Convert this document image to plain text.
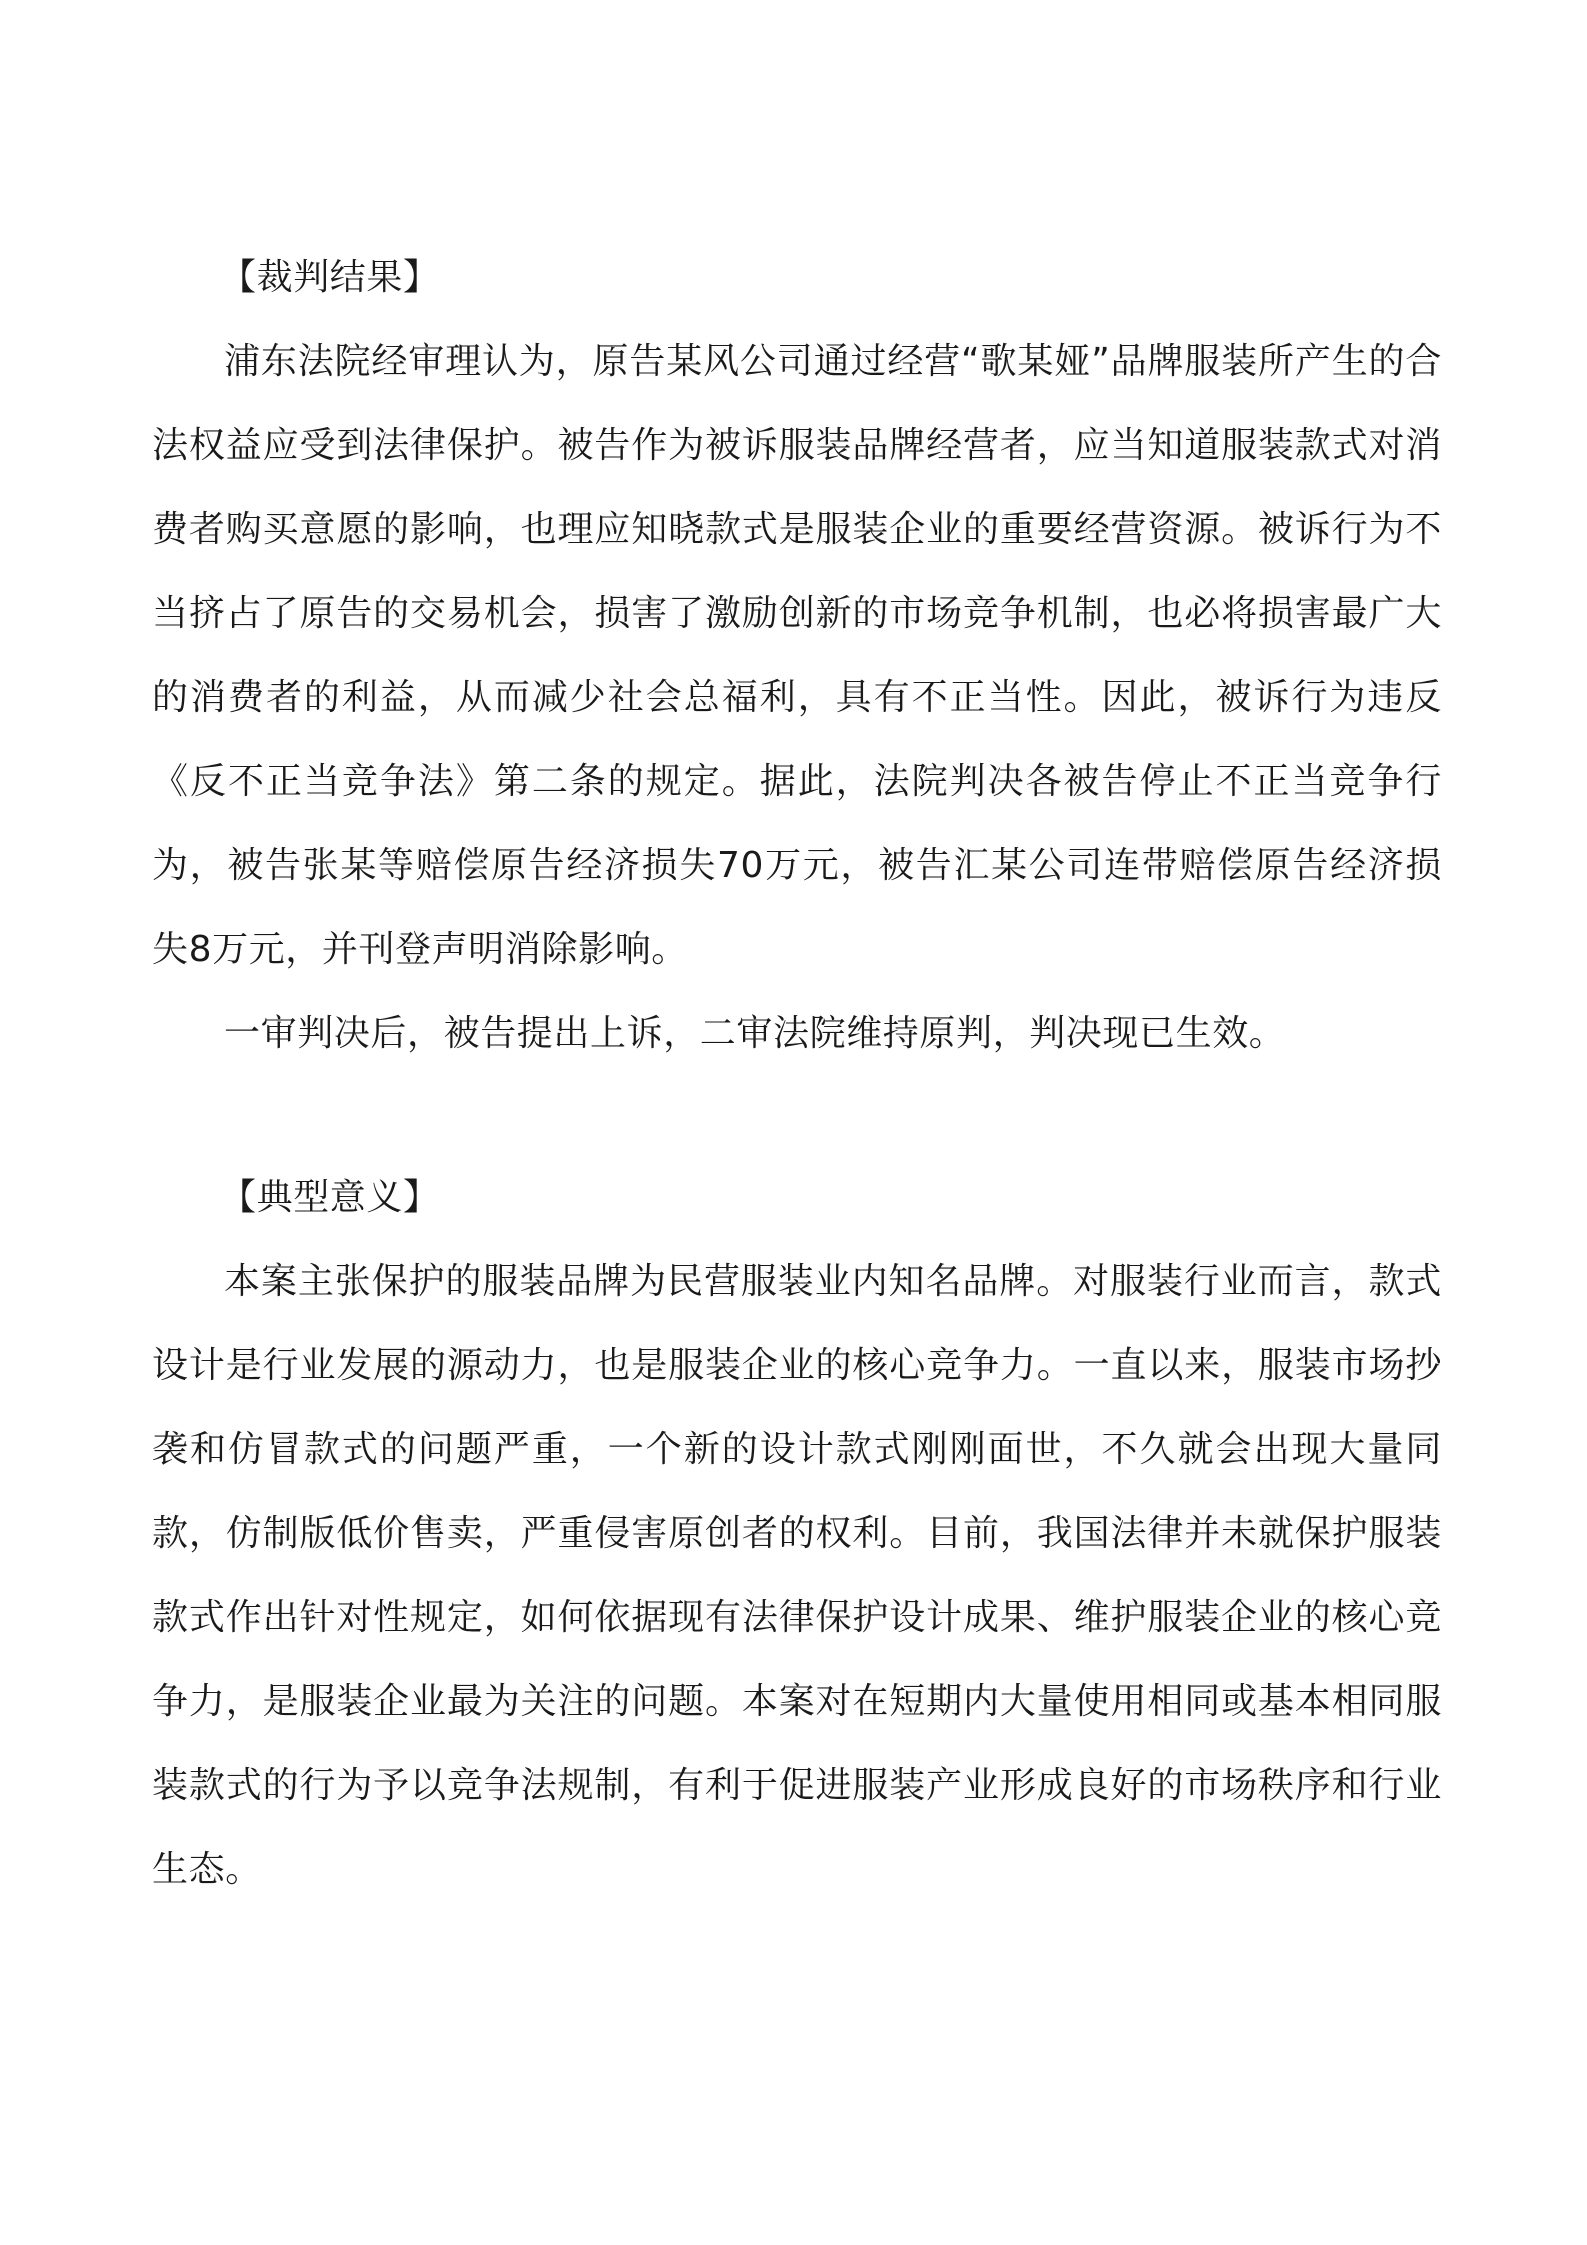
【裁判结果】

浦东法院经审理认为，原告某风公司通过经营“歌某娅”品牌服装所产生的合法权益应受到法律保护。被告作为被诉服装品牌经营者，应当知道服装款式对消费者购买意愿的影响，也理应知晓款式是服装企业的重要经营资源。被诉行为不当挤占了原告的交易机会，损害了激励创新的市场竞争机制，也必将损害最广大的消费者的利益，从而减少社会总福利，具有不正当性。因此，被诉行为违反《反不正当竞争法》第二条的规定。据此，法院判决各被告停止不正当竞争行为，被告张某等赔偿原告经济损失70万元，被告汇某公司连带赔偿原告经济损失8万元，并刊登声明消除影响。

一审判决后，被告提出上诉，二审法院维持原判，判决现已生效。

【典型意义】

本案主张保护的服装品牌为民营服装业内知名品牌。对服装行业而言，款式设计是行业发展的源动力，也是服装企业的核心竞争力。一直以来，服装市场抄袭和仿冒款式的问题严重，一个新的设计款式刚刚面世，不久就会出现大量同款，仿制版低价售卖，严重侵害原创者的权利。目前，我国法律并未就保护服装款式作出针对性规定，如何依据现有法律保护设计成果、维护服装企业的核心竞争力，是服装企业最为关注的问题。本案对在短期内大量使用相同或基本相同服装款式的行为予以竞争法规制，有利于促进服装产业形成良好的市场秩序和行业生态。
